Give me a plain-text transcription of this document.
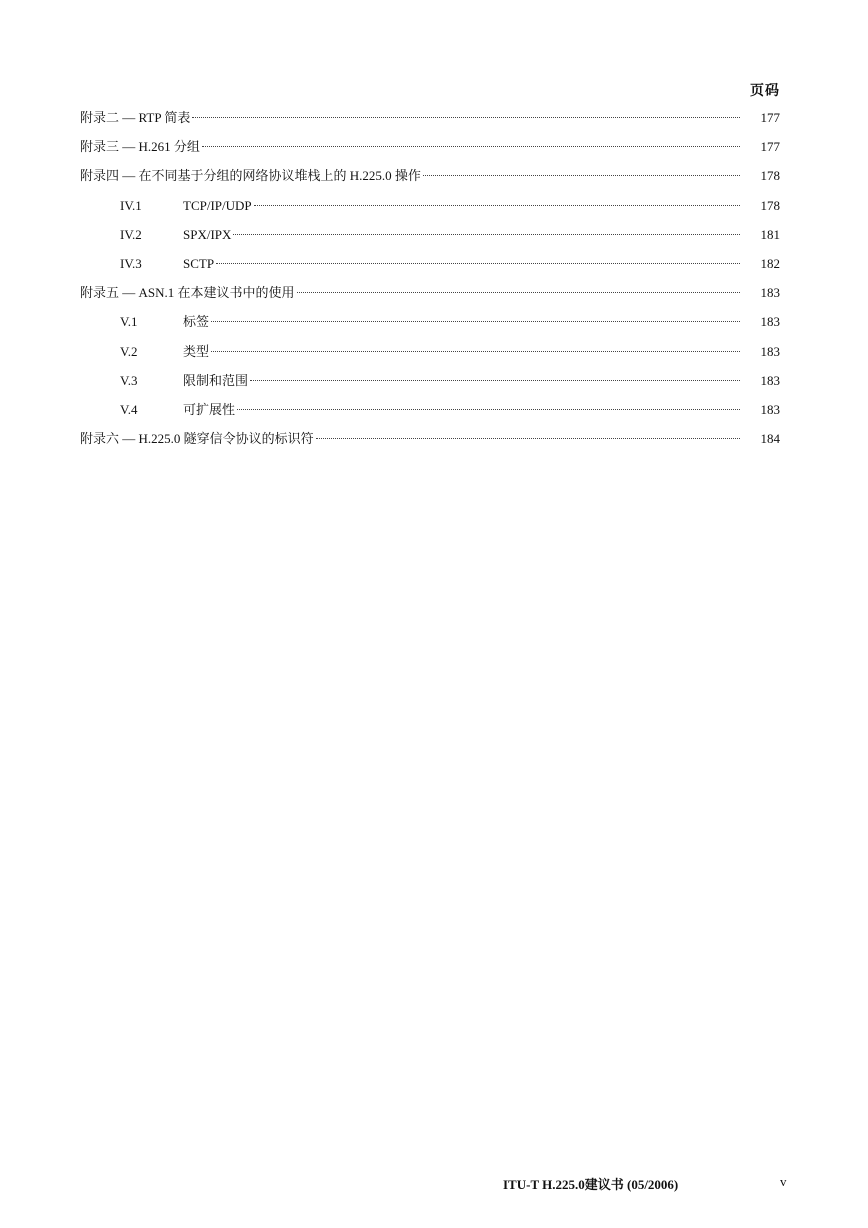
页码
附录二 — RTP 简表	177
附录三 — H.261 分组	177
附录四 — 在不同基于分组的网络协议堆栈上的 H.225.0 操作	178
IV.1	TCP/IP/UDP	178
IV.2	SPX/IPX	181
IV.3	SCTP	182
附录五 — ASN.1 在本建议书中的使用	183
V.1	标签	183
V.2	类型	183
V.3	限制和范围	183
V.4	可扩展性	183
附录六 — H.225.0 隧穿信令协议的标识符	184
ITU-T H.225.0建议书 (05/2006)	v
